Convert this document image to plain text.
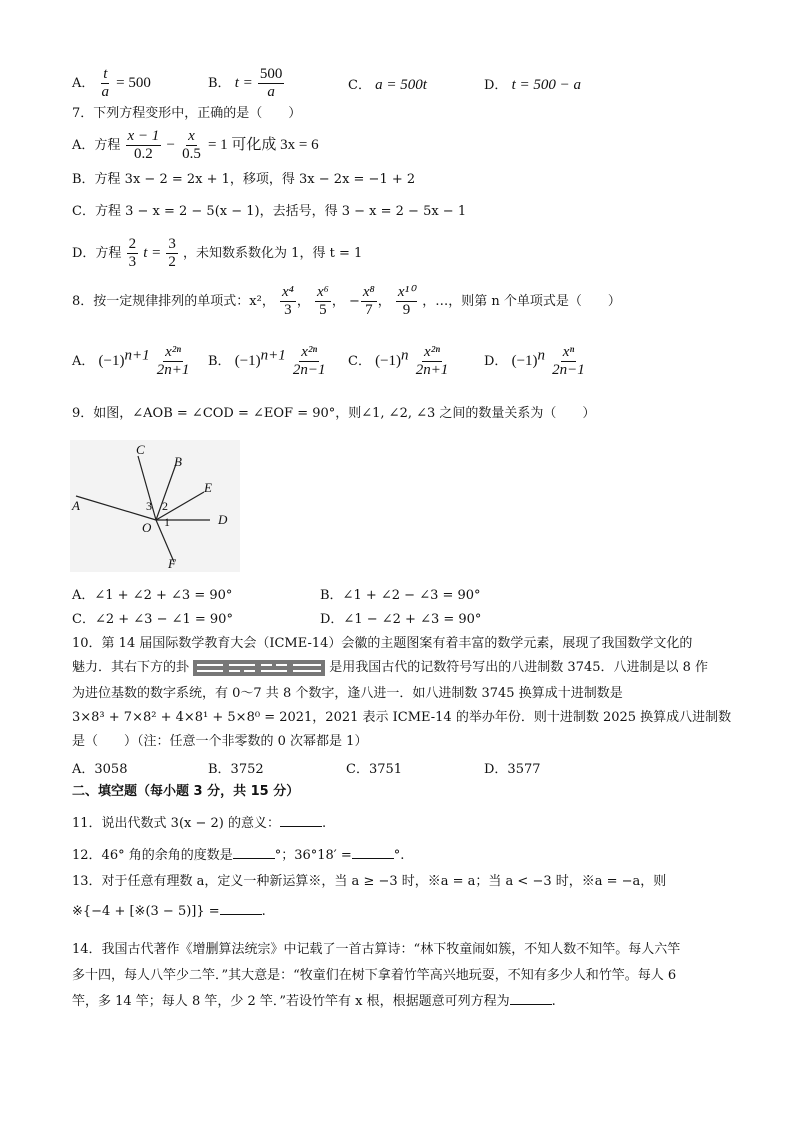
A． $\frac{t}{a} = 500$	B． $t = \frac{500}{a}$	C． a = 500t	D． t = 500 − a
7．下列方程变形中，正确的是（　　）
A．方程 $\frac{x - 1}{0.2} - \frac{x}{0.5} = 1$ 可化成 3x = 6
B．方程 3x − 2 = 2x + 1，移项，得 3x − 2x = −1 + 2
C．方程 3 − x = 2 − 5(x − 1)，去括号，得 3 − x = 2 − 5x − 1
D．方程 $\frac{2}{3}$ $t = \frac{3}{2}$ ，未知数系数化为 1，得 t = 1
8．按一定规律排列的单项式：x²， $\frac{\text{x⁴}}{3}$ ， $\frac{\text{x⁶}}{5}$ ， − $\frac{\text{x⁸}}{7}$ ， $\frac{\text{x¹⁰}}{9}$ ，…，则第 n 个单项式是（　　）
A． $(-1)^{n+1} \frac{\text{x²ⁿ}}{2n+1}$ B． $(-1)^{n+1} \frac{\text{x²ⁿ}}{2n-1}$ C． $(-1)^n \frac{\text{x²ⁿ}}{2n+1}$	D． $(-1)^n \frac{\text{xⁿ}}{2n-1}$
9．如图，∠AOB = ∠COD = ∠EOF = 90°，则∠1, ∠2, ∠3 之间的数量关系为（　　）
A
C
B
E
D
F
O
3 2
1
A．∠1 + ∠2 + ∠3 = 90°	B．∠1 + ∠2 − ∠3 = 90°
C．∠2 + ∠3 − ∠1 = 90°	D．∠1 − ∠2 + ∠3 = 90°
10．第 14 届国际数学教育大会（ICME-14）会徽的主题图案有着丰富的数学元素，展现了我国数学文化的
魅力．其右下方的卦	是用我国古代的记数符号写出的八进制数 3745．八进制是以 8 作
为进位基数的数字系统，有 0～7 共 8 个数字，逢八进一．如八进制数 3745 换算成十进制数是
3×8³ + 7×8² + 4×8¹ + 5×8⁰ = 2021，2021 表示 ICME-14 的举办年份．则十进制数 2025 换算成八进制数
是（　　）（注：任意一个非零数的 0 次幂都是 1）
A．3058	B．3752	C．3751	D．3577
二、填空题（每小题 3 分，共 15 分）
11．说出代数式 3(x − 2) 的意义：	.
12．46° 角的余角的度数是	°；36°18′ =	°.
13．对于任意有理数 a，定义一种新运算※，当 a ≥ −3 时，※a = a；当 a < −3 时，※a = −a，则
※{−4 + [※(3 − 5)]} =	.
14．我国古代著作《增删算法统宗》中记载了一首古算诗：“林下牧童闹如簇，不知人数不知竿。每人六竿
多十四，每人八竿少二竿．”其大意是：“牧童们在树下拿着竹竿高兴地玩耍，不知有多少人和竹竿。每人 6
竿，多 14 竿；每人 8 竿，少 2 竿．”若设竹竿有 x 根，根据题意可列方程为	.
